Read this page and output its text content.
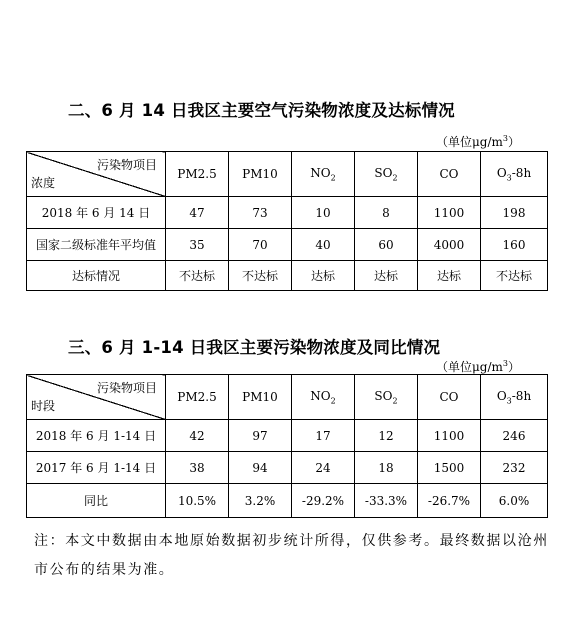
二、6 月 14 日我区主要空气污染物浓度及达标情况
（单位$\mu g/m^3$）
污染物项目
浓度	PM2.5	PM10	$NO_2$	$SO_2$	CO	$O_3-8h$
2018 年 6 月 14 日	47	73	10	8	1100	198
国家二级标准年平均值	35	70	40	60	4000	160
达标情况	不达标	不达标	达标	达标	达标	不达标
三、6 月 1-14 日我区主要污染物浓度及同比情况
（单位$\mu g/m^3$）
污染物项目
时段	PM2.5	PM10	$NO_2$	$SO_2$	CO	$O_3-8h$
2018 年 6 月 1-14 日	42	97	17	12	1100	246
2017 年 6 月 1-14 日	38	94	24	18	1500	232
同比	10.5%	3.2%	-29.2%	-33.3%	-26.7%	6.0%
注：本文中数据由本地原始数据初步统计所得，仅供参考。最终数据以沧州市公布的结果为准。
